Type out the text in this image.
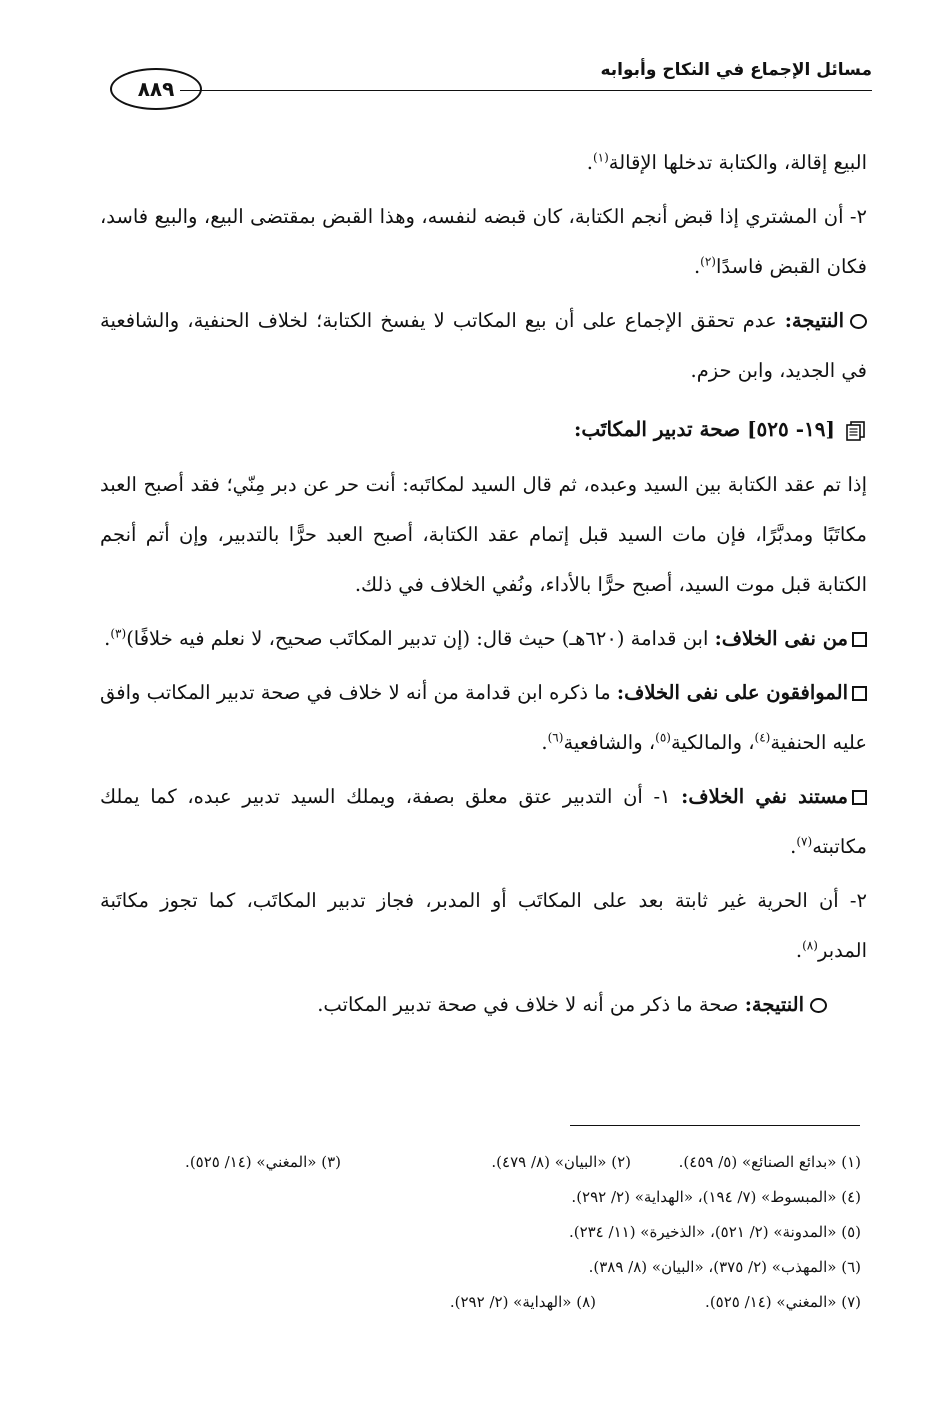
مسائل الإجماع في النكاح وأبوابه
٨٨٩

البيع إقالة، والكتابة تدخلها الإقالة$^{(١)}$.

٢- أن المشتري إذا قبض أنجم الكتابة، كان قبضه لنفسه، وهذا القبض بمقتضى البيع، والبيع فاسد، فكان القبض فاسدًا$^{(٢)}$.

النتيجة: عدم تحقق الإجماع على أن بيع المكاتب لا يفسخ الكتابة؛ لخلاف الحنفية، والشافعية في الجديد، وابن حزم.

[١٩- ٥٢٥] صحة تدبير المكاتَب:

إذا تم عقد الكتابة بين السيد وعبده، ثم قال السيد لمكاتَبه: أنت حر عن دبر مِنّي؛ فقد أصبح العبد مكاتَبًا ومدبَّرًا، فإن مات السيد قبل إتمام عقد الكتابة، أصبح العبد حرًّا بالتدبير، وإن أتم أنجم الكتابة قبل موت السيد، أصبح حرًّا بالأداء، ونُفي الخلاف في ذلك.

من نفى الخلاف: ابن قدامة (٦٢٠هـ) حيث قال: (إن تدبير المكاتَب صحيح، لا نعلم فيه خلافًا)$^{(٣)}$.

الموافقون على نفى الخلاف: ما ذكره ابن قدامة من أنه لا خلاف في صحة تدبير المكاتب وافق عليه الحنفية$^{(٤)}$، والمالكية$^{(٥)}$، والشافعية$^{(٦)}$.

مستند نفي الخلاف: ١- أن التدبير عتق معلق بصفة، ويملك السيد تدبير عبده، كما يملك مكاتبته$^{(٧)}$.

٢- أن الحرية غير ثابتة بعد على المكاتَب أو المدبر، فجاز تدبير المكاتَب، كما تجوز مكاتَبة المدبر$^{(٨)}$.

النتيجة: صحة ما ذكر من أنه لا خلاف في صحة تدبير المكاتب.

(١) «بدائع الصنائع» (٥/ ٤٥٩).
(٢) «البيان» (٨/ ٤٧٩).
(٣) «المغني» (١٤/ ٥٢٥).
(٤) «المبسوط» (٧/ ١٩٤)، «الهداية» (٢/ ٢٩٢).
(٥) «المدونة» (٢/ ٥٢١)، «الذخيرة» (١١/ ٢٣٤).
(٦) «المهذب» (٢/ ٣٧٥)، «البيان» (٨/ ٣٨٩).
(٧) «المغني» (١٤/ ٥٢٥).
(٨) «الهداية» (٢/ ٢٩٢).
